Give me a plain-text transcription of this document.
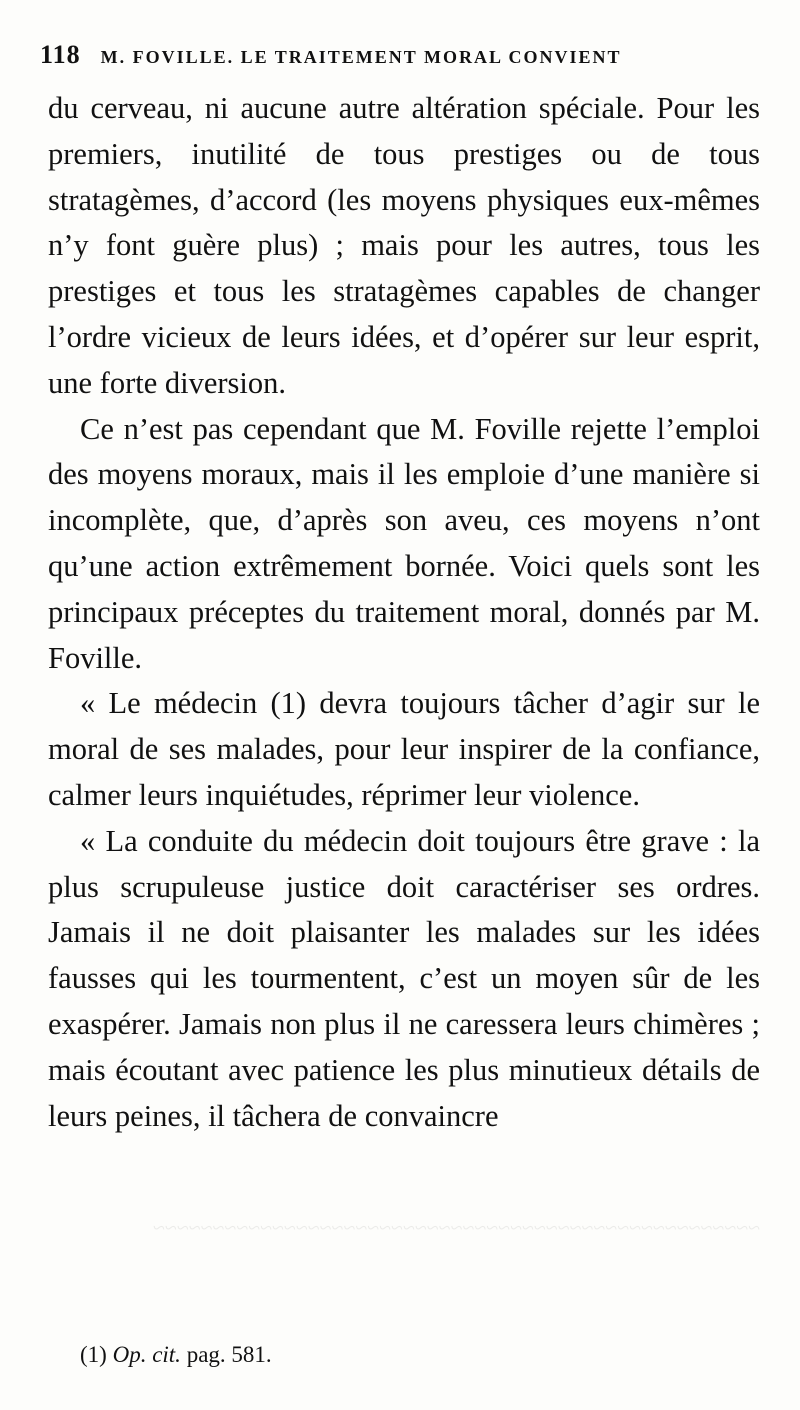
~~~~~~~~~~~~~~~~~~~~~~~~~~~~~~~~~~~~~~~~~~~~~~~~~~~
118 M. FOVILLE. LE TRAITEMENT MORAL CONVIENT

du cerveau, ni aucune autre altération spéciale. Pour les premiers, inutilité de tous prestiges ou de tous stratagèmes, d’accord (les moyens physiques eux-mêmes n’y font guère plus) ; mais pour les autres, tous les prestiges et tous les stratagèmes capables de changer l’ordre vicieux de leurs idées, et d’opérer sur leur esprit, une forte diversion.

Ce n’est pas cependant que M. Foville rejette l’emploi des moyens moraux, mais il les emploie d’une manière si incomplète, que, d’après son aveu, ces moyens n’ont qu’une action extrêmement bornée. Voici quels sont les principaux préceptes du traitement moral, donnés par M. Foville.

« Le médecin (1) devra toujours tâcher d’agir sur le moral de ses malades, pour leur inspirer de la confiance, calmer leurs inquiétudes, réprimer leur violence.

« La conduite du médecin doit toujours être grave : la plus scrupuleuse justice doit caractériser ses ordres. Jamais il ne doit plaisanter les malades sur les idées fausses qui les tourmentent, c’est un moyen sûr de les exaspérer. Jamais non plus il ne caressera leurs chimères ; mais écoutant avec patience les plus minutieux détails de leurs peines, il tâchera de convaincre

(1) Op. cit. pag. 581.
